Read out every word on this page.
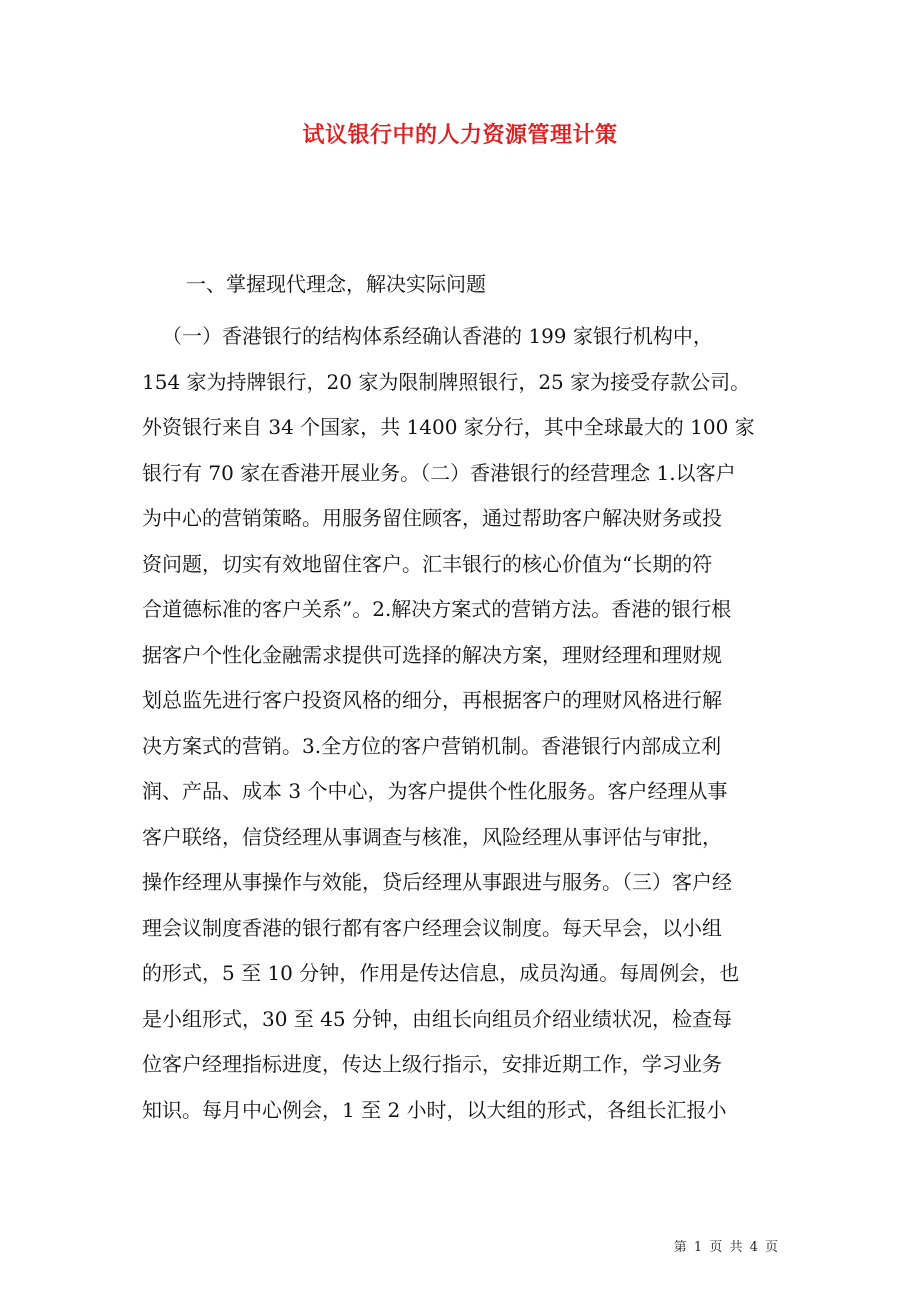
试议银行中的人力资源管理计策

一、掌握现代理念，解决实际问题

（一）香港银行的结构体系经确认香港的 199 家银行机构中，
154 家为持牌银行，20 家为限制牌照银行，25 家为接受存款公司。
外资银行来自 34 个国家，共 1400 家分行，其中全球最大的 100 家
银行有 70 家在香港开展业务。（二）香港银行的经营理念 1.以客户
为中心的营销策略。用服务留住顾客，通过帮助客户解决财务或投
资问题，切实有效地留住客户。汇丰银行的核心价值为“长期的符
合道德标准的客户关系”。2.解决方案式的营销方法。香港的银行根
据客户个性化金融需求提供可选择的解决方案，理财经理和理财规
划总监先进行客户投资风格的细分，再根据客户的理财风格进行解
决方案式的营销。3.全方位的客户营销机制。香港银行内部成立利
润、产品、成本 3 个中心，为客户提供个性化服务。客户经理从事
客户联络，信贷经理从事调查与核准，风险经理从事评估与审批，
操作经理从事操作与效能，贷后经理从事跟进与服务。（三）客户经
理会议制度香港的银行都有客户经理会议制度。每天早会，以小组
的形式，5 至 10 分钟，作用是传达信息，成员沟通。每周例会，也
是小组形式，30 至 45 分钟，由组长向组员介绍业绩状况，检查每
位客户经理指标进度，传达上级行指示，安排近期工作，学习业务
知识。每月中心例会，1 至 2 小时，以大组的形式，各组长汇报小
第 1 页 共 4 页
